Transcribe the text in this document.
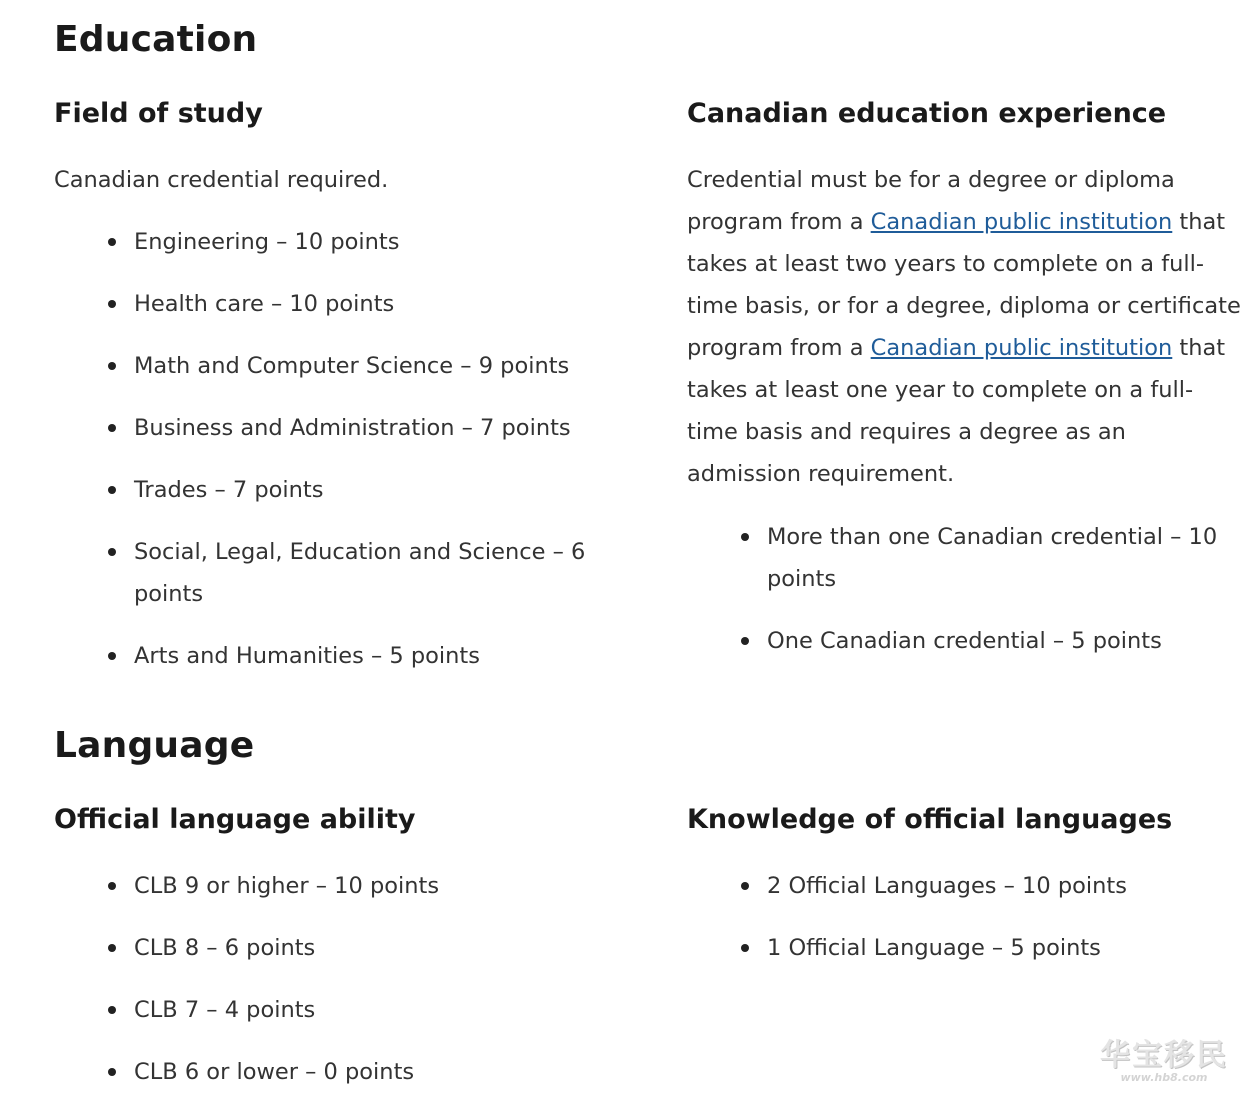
Education
Field of study

Canadian credential required.

Engineering – 10 points
Health care – 10 points
Math and Computer Science – 9 points
Business and Administration – 7 points
Trades – 7 points
Social, Legal, Education and Science – 6 points
Arts and Humanities – 5 points
Canadian education experience

Credential must be for a degree or diploma program from a Canadian public institution that takes at least two years to complete on a full-time basis, or for a degree, diploma or certificate program from a Canadian public institution that takes at least one year to complete on a full-time basis and requires a degree as an admission requirement.

More than one Canadian credential – 10 points
One Canadian credential – 5 points
Language
Official language ability
CLB 9 or higher – 10 points
CLB 8 – 6 points
CLB 7 – 4 points
CLB 6 or lower – 0 points
Knowledge of official languages
2 Official Languages – 10 points
1 Official Language – 5 points
华宝移民
www.hb8.com
